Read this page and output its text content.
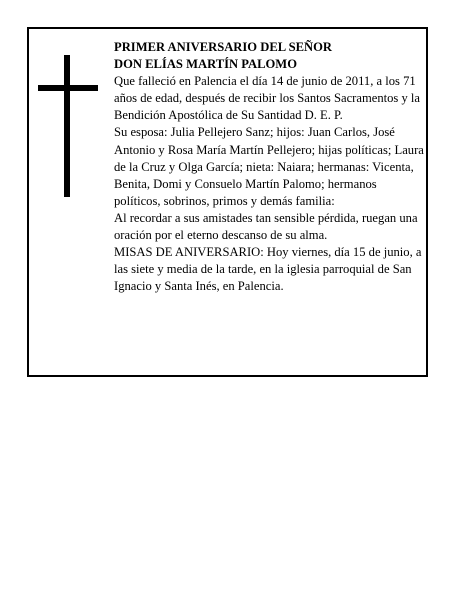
PRIMER ANIVERSARIO DEL SEÑOR

DON ELÍAS MARTÍN PALOMO

Que falleció en Palencia el día 14 de junio de 2011, a los 71 años de edad, después de recibir los Santos Sacramentos y la Bendición Apostólica de Su Santidad D. E. P.

Su esposa: Julia Pellejero Sanz; hijos: Juan Carlos, José Antonio y Rosa María Martín Pellejero; hijas políticas; Laura de la Cruz y Olga García; nieta: Naiara; hermanas: Vicenta, Benita, Domi y Consuelo Martín Palomo; hermanos políticos, sobrinos, primos y demás familia:

Al recordar a sus amistades tan sensible pérdida, ruegan una oración por el eterno descanso de su alma.

MISAS DE ANIVERSARIO: Hoy viernes, día 15 de junio, a las siete y media de la tarde, en la iglesia parroquial de San Ignacio y Santa Inés, en Palencia.
